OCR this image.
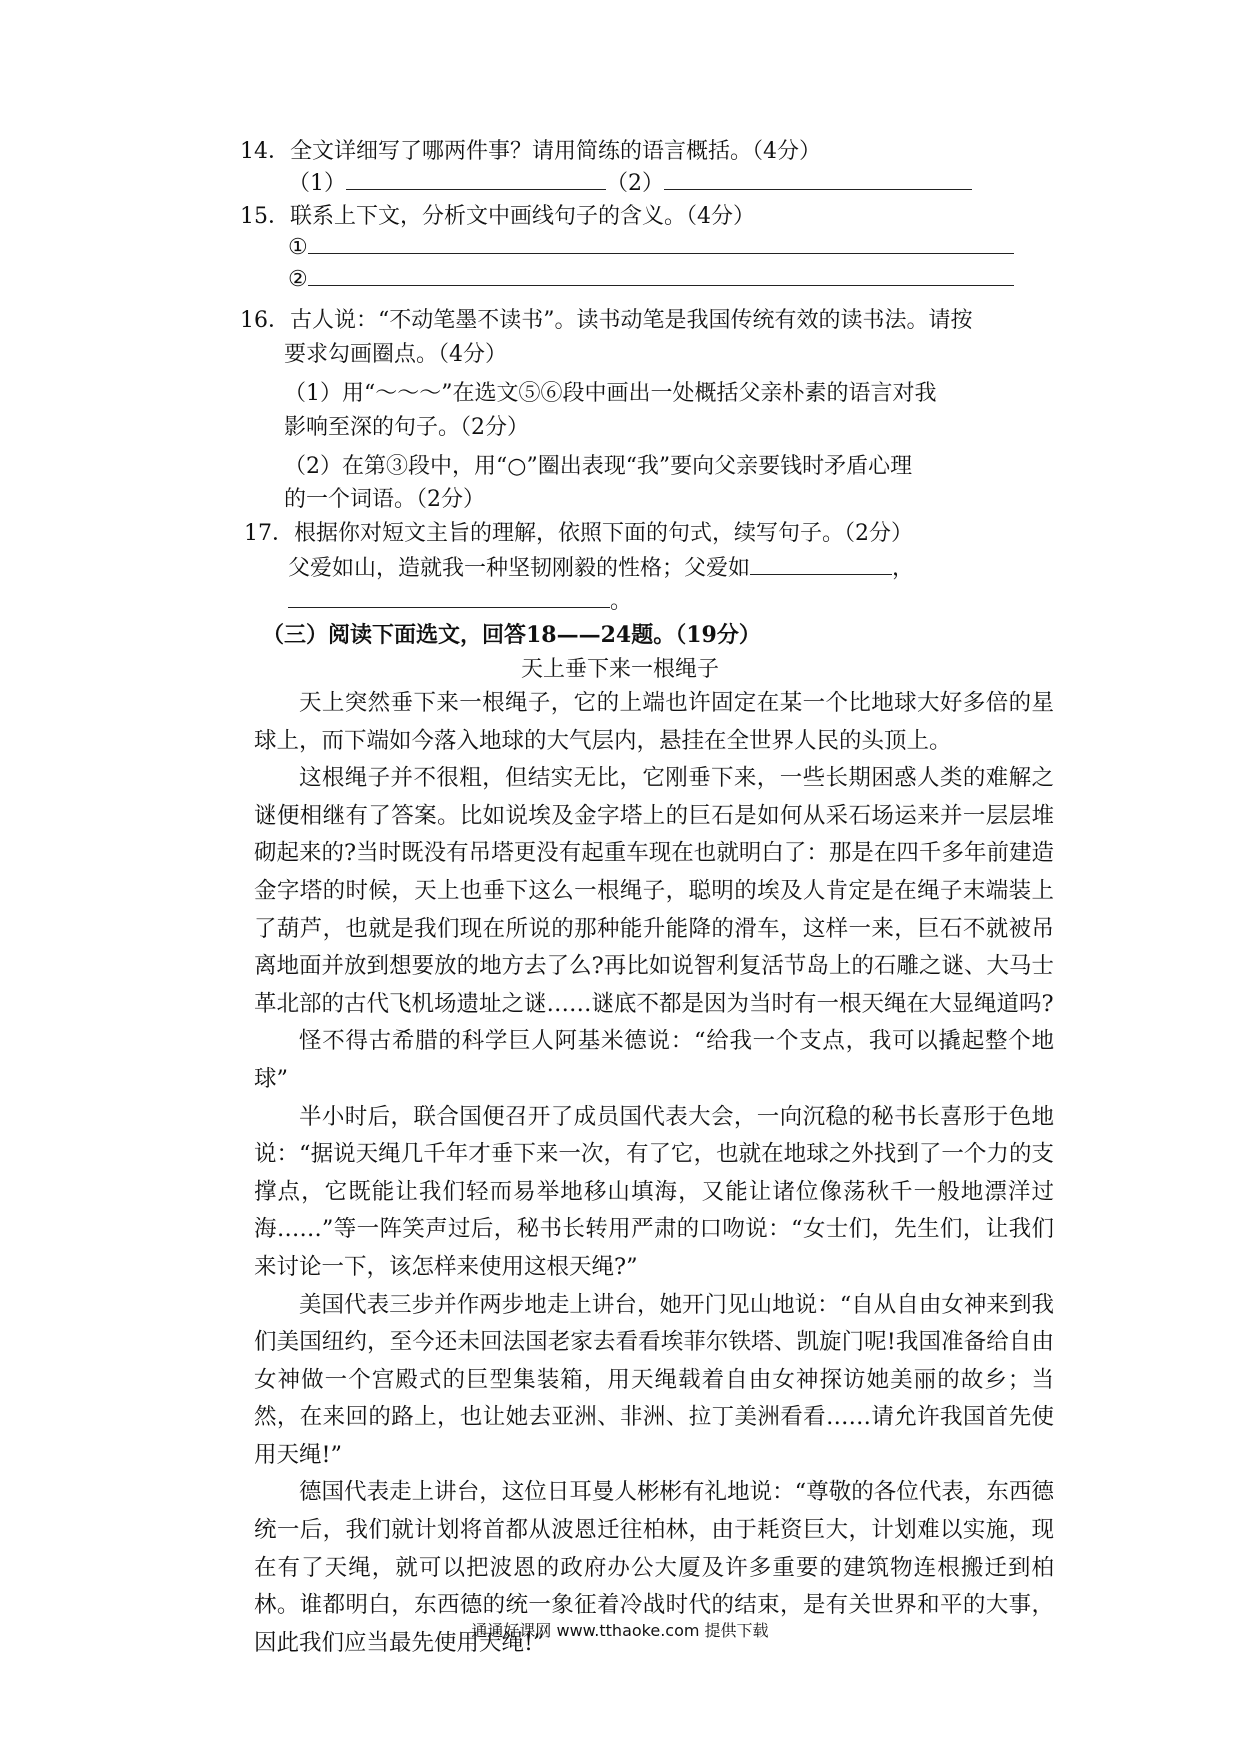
14．全文详细写了哪两件事？请用简练的语言概括。（4分）
（1）	（2）
15．联系上下文，分析文中画线句子的含义。（4分）
①
②
16．古人说：“不动笔墨不读书”。读书动笔是我国传统有效的读书法。请按
要求勾画圈点。（4分）
（1）用“～～～”在选文⑤⑥段中画出一处概括父亲朴素的语言对我
影响至深的句子。（2分）
（2）在第③段中，用“○”圈出表现“我”要向父亲要钱时矛盾心理
的一个词语。（2分）
17．根据你对短文主旨的理解，依照下面的句式，续写句子。（2分）
父爱如山，造就我一种坚韧刚毅的性格；父爱如	，
。
（三）阅读下面选文，回答18——24题。（19分）
天上垂下来一根绳子

天上突然垂下来一根绳子，它的上端也许固定在某一个比地球大好多倍的星球上，而下端如今落入地球的大气层内，悬挂在全世界人民的头顶上。

这根绳子并不很粗，但结实无比，它刚垂下来，一些长期困惑人类的难解之谜便相继有了答案。比如说埃及金字塔上的巨石是如何从采石场运来并一层层堆砌起来的?当时既没有吊塔更没有起重车现在也就明白了：那是在四千多年前建造金字塔的时候，天上也垂下这么一根绳子，聪明的埃及人肯定是在绳子末端装上了葫芦，也就是我们现在所说的那种能升能降的滑车，这样一来，巨石不就被吊离地面并放到想要放的地方去了么?再比如说智利复活节岛上的石雕之谜、大马士革北部的古代飞机场遗址之谜……谜底不都是因为当时有一根天绳在大显绳道吗?

怪不得古希腊的科学巨人阿基米德说：“给我一个支点，我可以撬起整个地球”

半小时后，联合国便召开了成员国代表大会，一向沉稳的秘书长喜形于色地说：“据说天绳几千年才垂下来一次，有了它，也就在地球之外找到了一个力的支撑点，它既能让我们轻而易举地移山填海，又能让诸位像荡秋千一般地漂洋过海……”等一阵笑声过后，秘书长转用严肃的口吻说：“女士们，先生们，让我们来讨论一下，该怎样来使用这根天绳?”

美国代表三步并作两步地走上讲台，她开门见山地说：“自从自由女神来到我们美国纽约，至今还未回法国老家去看看埃菲尔铁塔、凯旋门呢!我国准备给自由女神做一个宫殿式的巨型集装箱，用天绳载着自由女神探访她美丽的故乡；当然，在来回的路上，也让她去亚洲、非洲、拉丁美洲看看……请允许我国首先使用天绳!”

德国代表走上讲台，这位日耳曼人彬彬有礼地说：“尊敬的各位代表，东西德统一后，我们就计划将首都从波恩迁往柏林，由于耗资巨大，计划难以实施，现在有了天绳，就可以把波恩的政府办公大厦及许多重要的建筑物连根搬迁到柏林。谁都明白，东西德的统一象征着冷战时代的结束，是有关世界和平的大事，因此我们应当最先使用天绳!”

通通好课网 www.tthaoke.com 提供下载
